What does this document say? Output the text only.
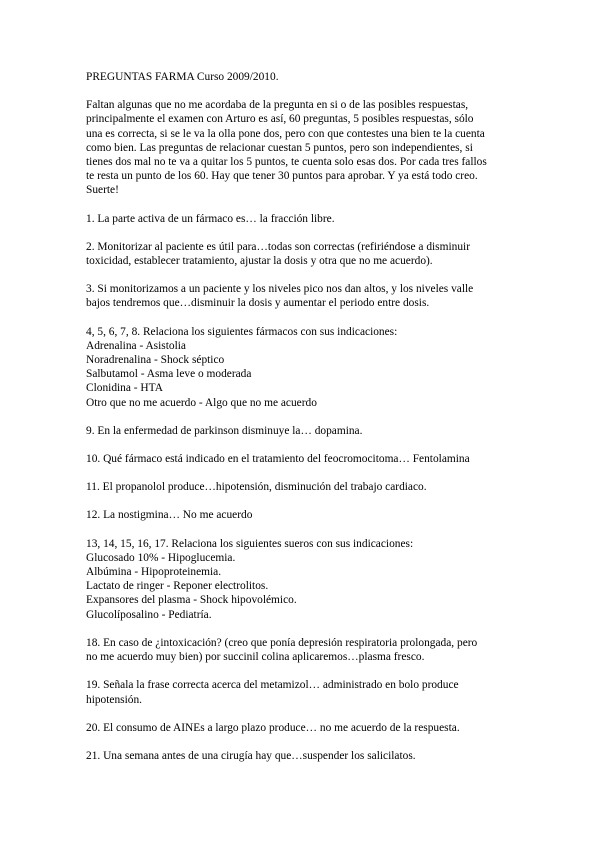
PREGUNTAS FARMA Curso 2009/2010.
Faltan algunas que no me acordaba de la pregunta en si o de las posibles respuestas,
principalmente el examen con Arturo es así, 60 preguntas, 5 posibles respuestas, sólo
una es correcta, si se le va la olla pone dos, pero con que contestes una bien te la cuenta
como bien. Las preguntas de relacionar cuestan 5 puntos, pero son independientes, si
tienes dos mal no te va a quitar los 5 puntos, te cuenta solo esas dos. Por cada tres fallos
te resta un punto de los 60. Hay que tener 30 puntos para aprobar. Y ya está todo creo.
Suerte!
1. La parte activa de un fármaco es… la fracción libre.
2. Monitorizar al paciente es útil para…todas son correctas (refiriéndose a disminuir
toxicidad, establecer tratamiento, ajustar la dosis y otra que no me acuerdo).
3. Si monitorizamos a un paciente y los niveles pico nos dan altos, y los niveles valle
bajos tendremos que…disminuir la dosis y aumentar el periodo entre dosis.
4, 5, 6, 7, 8. Relaciona los siguientes fármacos con sus indicaciones:
Adrenalina - Asistolia
Noradrenalina - Shock séptico
Salbutamol - Asma leve o moderada
Clonidina - HTA
Otro que no me acuerdo - Algo que no me acuerdo
9. En la enfermedad de parkinson disminuye la… dopamina.
10. Qué fármaco está indicado en el tratamiento del feocromocitoma… Fentolamina
11. El propanolol produce…hipotensión, disminución del trabajo cardiaco.
12. La nostigmina… No me acuerdo
13, 14, 15, 16, 17. Relaciona los siguientes sueros con sus indicaciones:
Glucosado 10% - Hipoglucemia.
Albúmina - Hipoproteinemia.
Lactato de ringer - Reponer electrolitos.
Expansores del plasma - Shock hipovolémico.
Glucolíposalino - Pediatría.
18. En caso de ¿intoxicación? (creo que ponía depresión respiratoria prolongada, pero
no me acuerdo muy bien) por succinil colina aplicaremos…plasma fresco.
19. Señala la frase correcta acerca del metamizol… administrado en bolo produce
hipotensión.
20. El consumo de AINEs a largo plazo produce… no me acuerdo de la respuesta.
21. Una semana antes de una cirugía hay que…suspender los salicilatos.
